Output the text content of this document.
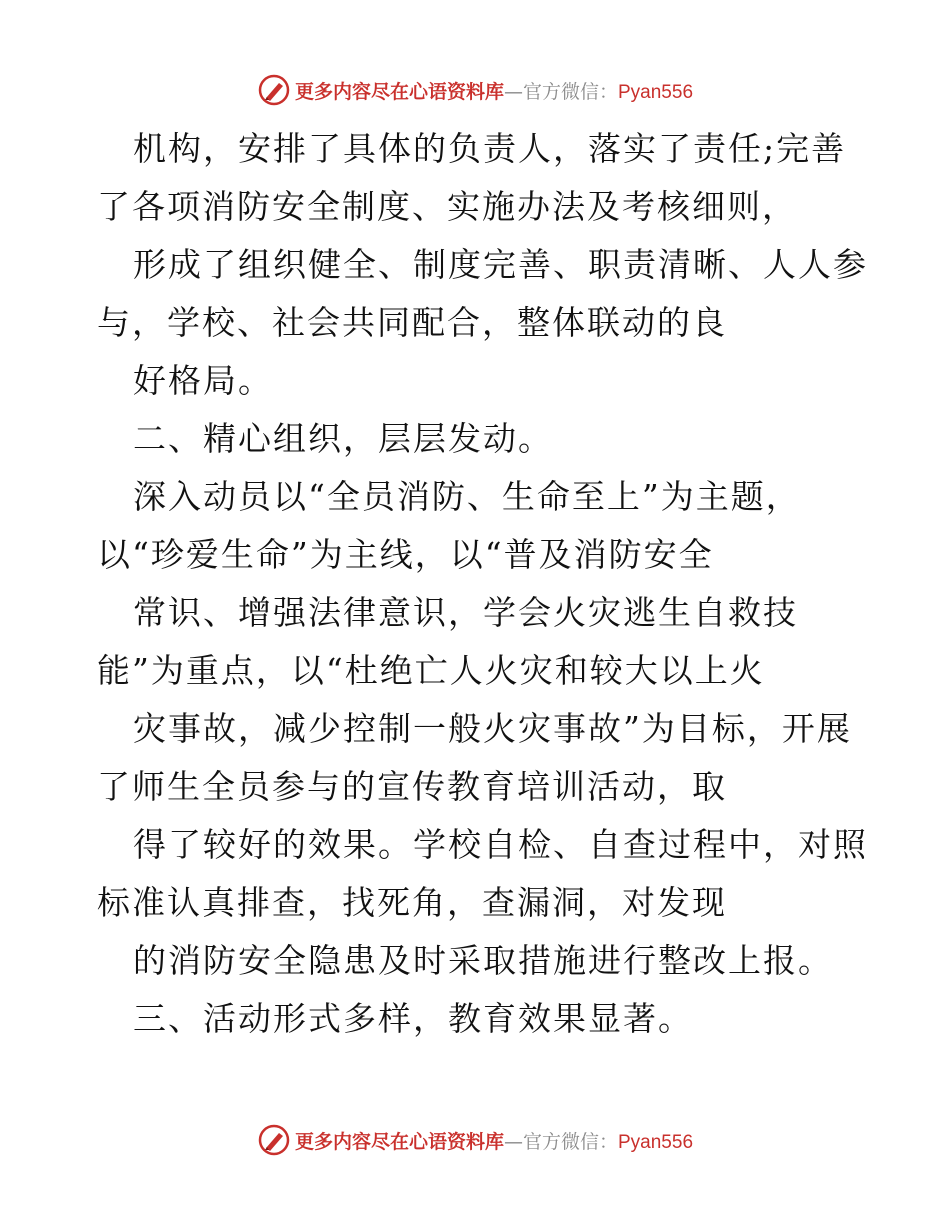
更多内容尽在心语资料库—官方微信：Pyan556
机构，安排了具体的负责人，落实了责任;完善
了各项消防安全制度、实施办法及考核细则，
形成了组织健全、制度完善、职责清晰、人人参
与，学校、社会共同配合，整体联动的良
好格局。
二、精心组织，层层发动。
深入动员以“全员消防、生命至上”为主题，
以“珍爱生命”为主线，以“普及消防安全
常识、增强法律意识，学会火灾逃生自救技
能”为重点，以“杜绝亡人火灾和较大以上火
灾事故，减少控制一般火灾事故”为目标，开展
了师生全员参与的宣传教育培训活动，取
得了较好的效果。学校自检、自查过程中，对照
标准认真排查，找死角，查漏洞，对发现
的消防安全隐患及时采取措施进行整改上报。
三、活动形式多样，教育效果显著。
更多内容尽在心语资料库—官方微信：Pyan556
